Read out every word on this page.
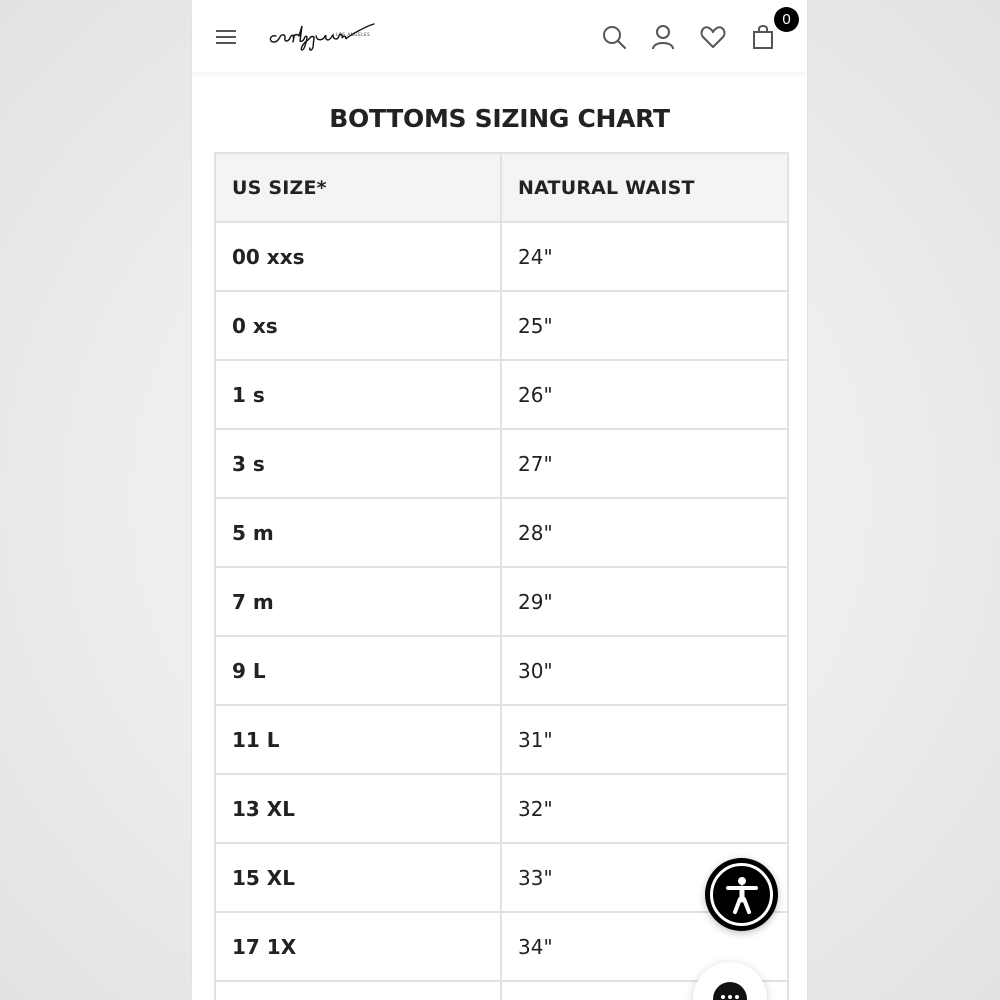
LOS ANGELES
0
BOTTOMS SIZING CHART
US SIZE*	NATURAL WAIST
00 xxs	24"
0 xs	25"
1 s	26"
3 s	27"
5 m	28"
7 m	29"
9 L	30"
11 L	31"
13 XL	32"
15 XL	33"
17 1X	34"
